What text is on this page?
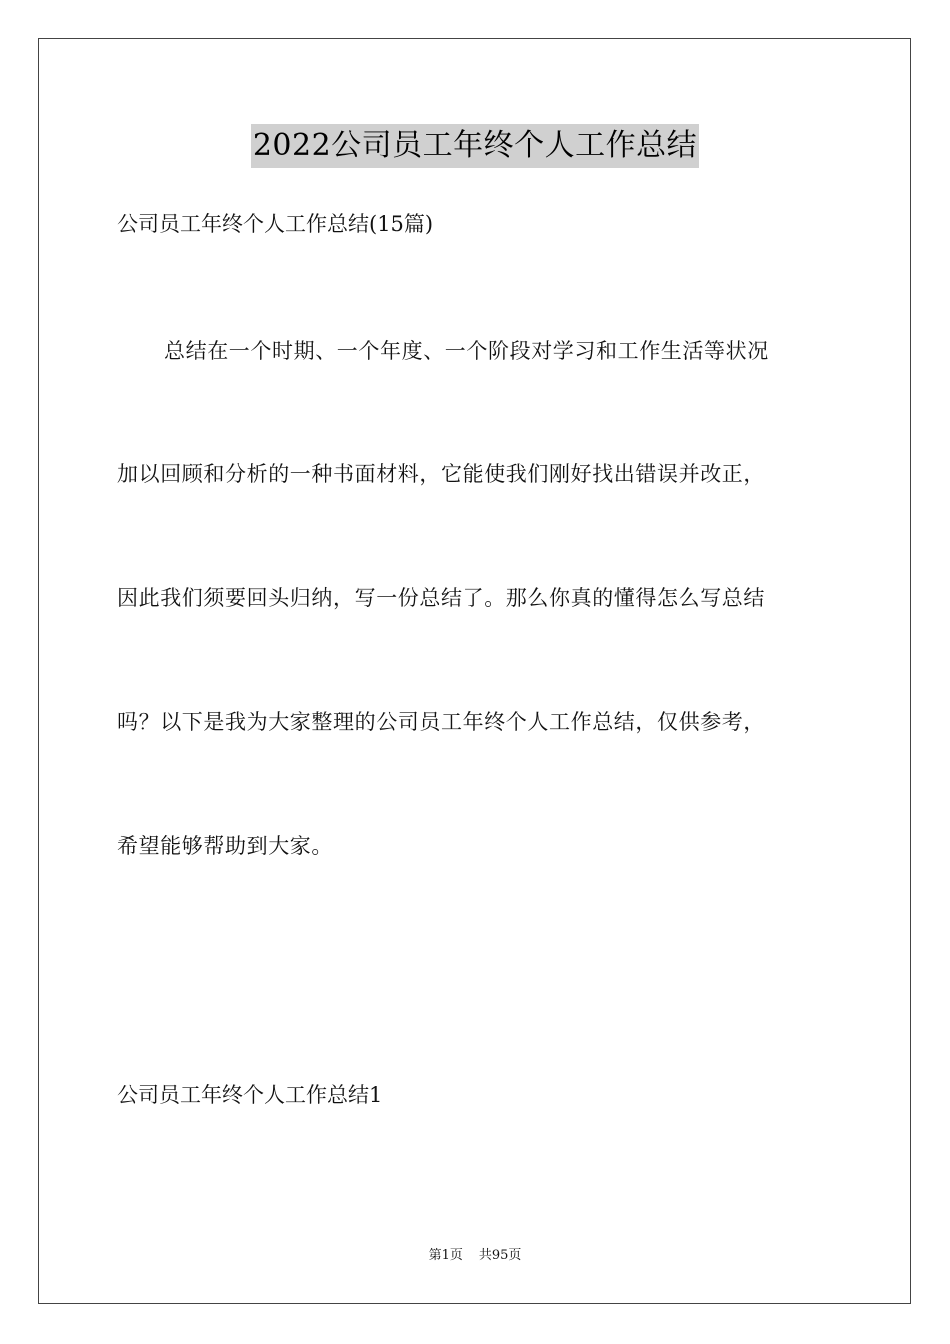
2022公司员工年终个人工作总结
公司员工年终个人工作总结(15篇)
总结在一个时期、一个年度、一个阶段对学习和工作生活等状况
加以回顾和分析的一种书面材料，它能使我们刚好找出错误并改正，
因此我们须要回头归纳，写一份总结了。那么你真的懂得怎么写总结
吗？以下是我为大家整理的公司员工年终个人工作总结，仅供参考，
希望能够帮助到大家。
公司员工年终个人工作总结1
第1页 共95页
